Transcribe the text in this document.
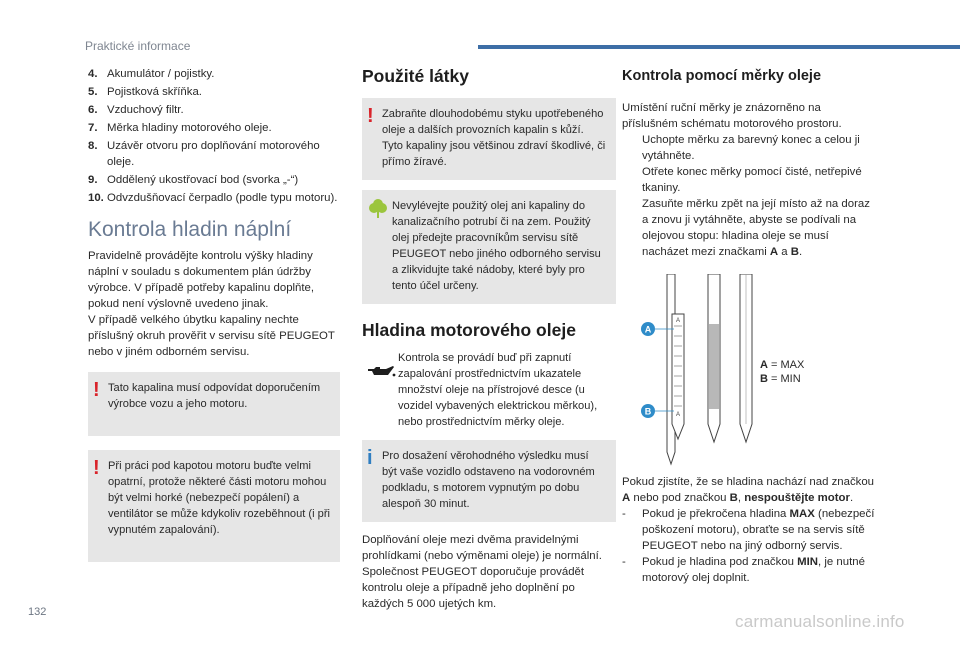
Praktické informace
4. Akumulátor / pojistky.
5. Pojistková skříňka.
6. Vzduchový filtr.
7. Měrka hladiny motorového oleje.
8. Uzávěr otvoru pro doplňování motorového oleje.
9. Oddělený ukostřovací bod (svorka „-“)
10. Odvzdušňovací čerpadlo (podle typu motoru).
Kontrola hladin náplní

Pravidelně provádějte kontrolu výšky hladiny náplní v souladu s dokumentem plán údržby výrobce. V případě potřeby kapalinu doplňte, pokud není výslovně uvedeno jinak.

V případě velkého úbytku kapaliny nechte příslušný okruh prověřit v servisu sítě PEUGEOT nebo v jiném odborném servisu.

! Tato kapalina musí odpovídat doporučením výrobce vozu a jeho motoru.

! Při práci pod kapotou motoru buďte velmi opatrní, protože některé části motoru mohou být velmi horké (nebezpečí popálení) a ventilátor se může kdykoliv rozeběhnout (i při vypnutém zapalování).

Použité látky
! Zabraňte dlouhodobému styku upotřebeného oleje a dalších provozních kapalin s kůží. Tyto kapaliny jsou většinou zdraví škodlivé, či přímo žíravé.

Nevylévejte použitý olej ani kapaliny do kanalizačního potrubí či na zem. Použitý olej předejte pracovníkům servisu sítě PEUGEOT nebo jiného odborného servisu a zlikvidujte také nádoby, které byly pro tento účel určeny.

Hladina motorového oleje

Kontrola se provádí buď při zapnutí zapalování prostřednictvím ukazatele množství oleje na přístrojové desce (u vozidel vybavených elektrickou měrkou), nebo prostřednictvím měrky oleje.

i Pro dosažení věrohodného výsledku musí být vaše vozidlo odstaveno na vodorovném podkladu, s motorem vypnutým po dobu alespoň 30 minut.

Doplňování oleje mezi dvěma pravidelnými prohlídkami (nebo výměnami oleje) je normální. Společnost PEUGEOT doporučuje provádět kontrolu oleje a případně jeho doplnění po každých 5 000 ujetých km.

Kontrola pomocí měrky oleje

Umístění ruční měrky je znázorněno na příslušném schématu motorového prostoru.

Uchopte měrku za barevný konec a celou ji vytáhněte.
Otřete konec měrky pomocí čisté, netřepivé tkaniny.
Zasuňte měrku zpět na její místo až na doraz a znovu ji vytáhněte, abyste se podívali na olejovou stopu: hladina oleje se musí nacházet mezi značkami A a B.
A
A
A
B
A = MAX
B = MIN

Pokud zjistíte, že se hladina nachází nad značkou A nebo pod značkou B, nespouštějte motor.

- Pokud je překročena hladina MAX (nebezpečí poškození motoru), obraťte se na servis sítě PEUGEOT nebo na jiný odborný servis.
- Pokud je hladina pod značkou MIN, je nutné motorový olej doplnit.
132	carmanualsonline.info
